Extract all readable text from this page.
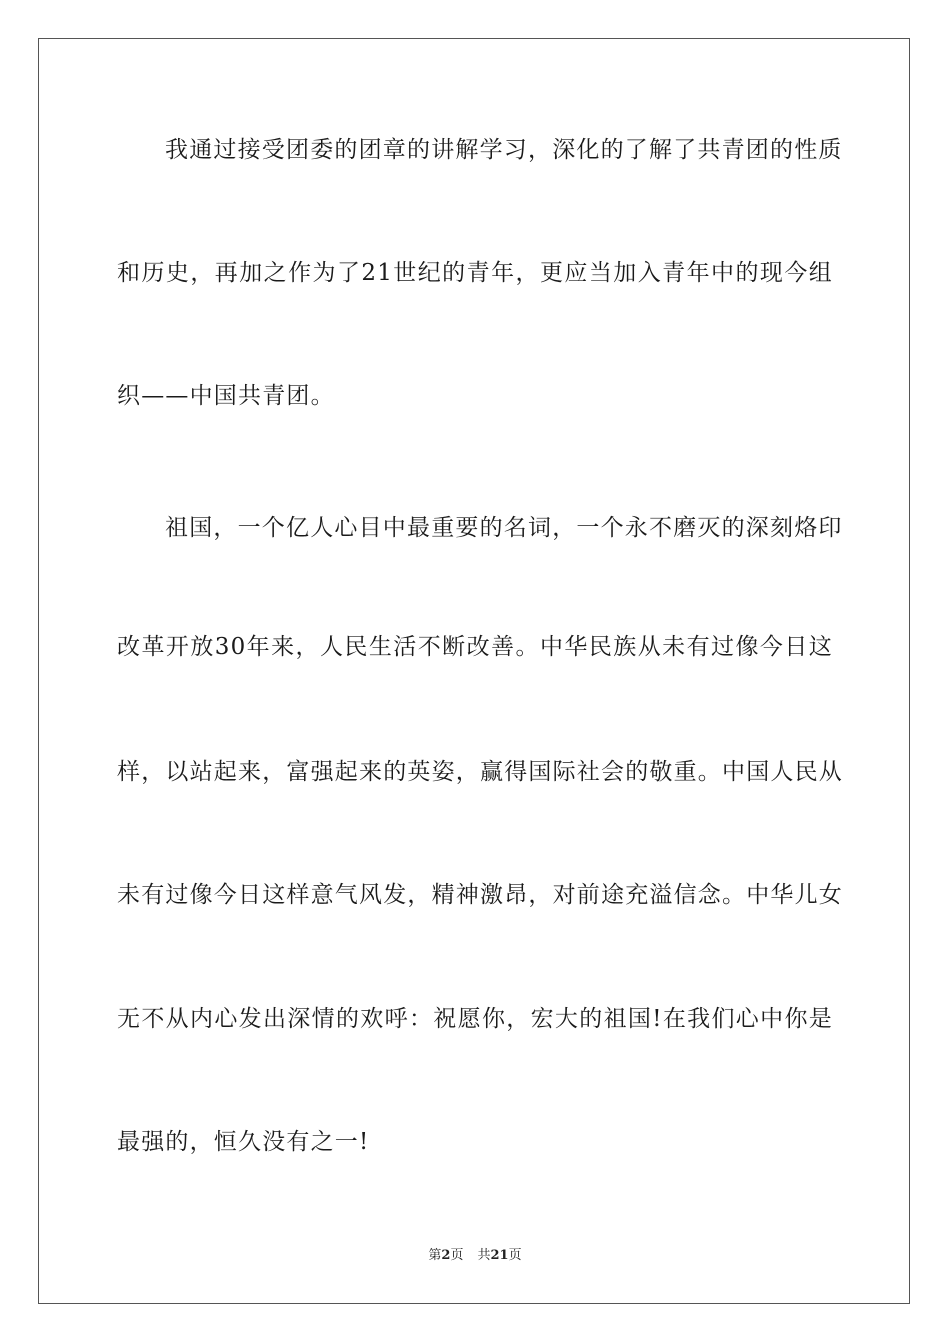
我通过接受团委的团章的讲解学习，深化的了解了共青团的性质
和历史，再加之作为了21世纪的青年，更应当加入青年中的现今组
织——中国共青团。
祖国，一个亿人心目中最重要的名词，一个永不磨灭的深刻烙印
改革开放30年来，人民生活不断改善。中华民族从未有过像今日这
样，以站起来，富强起来的英姿，赢得国际社会的敬重。中国人民从
未有过像今日这样意气风发，精神激昂，对前途充溢信念。中华儿女
无不从内心发出深情的欢呼：祝愿你，宏大的祖国!在我们心中你是
最强的，恒久没有之一!
第2页 共21页
